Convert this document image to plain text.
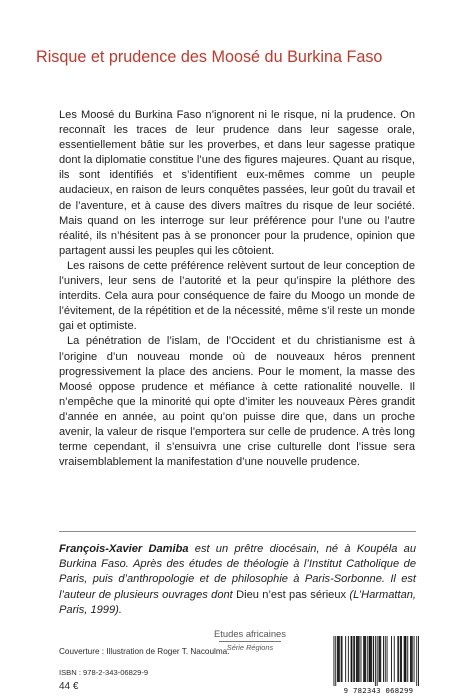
Risque et prudence des Moosé du Burkina Faso

Les Moosé du Burkina Faso n’ignorent ni le risque, ni la prudence. On reconnaît les traces de leur prudence dans leur sagesse orale, essentiellement bâtie sur les proverbes, et dans leur sagesse pratique dont la diplomatie constitue l’une des figures majeures. Quant au risque, ils sont identifiés et s’identifient eux-mêmes comme un peuple audacieux, en raison de leurs conquêtes passées, leur goût du travail et de l’aventure, et à cause des divers maîtres du risque de leur société. Mais quand on les interroge sur leur préférence pour l’une ou l’autre réalité, ils n’hésitent pas à se prononcer pour la prudence, opinion que partagent aussi les peuples qui les côtoient.

Les raisons de cette préférence relèvent surtout de leur conception de l’univers, leur sens de l’autorité et la peur qu’inspire la pléthore des interdits. Cela aura pour conséquence de faire du Moogo un monde de l’évitement, de la répétition et de la nécessité, même s’il reste un monde gai et optimiste.

La pénétration de l’islam, de l’Occident et du christianisme est à l’origine d’un nouveau monde où de nouveaux héros prennent progressivement la place des anciens. Pour le moment, la masse des Moosé oppose prudence et méfiance à cette rationalité nouvelle. Il n’empêche que la minorité qui opte d’imiter les nouveaux Pères grandit d’année en année, au point qu’on puisse dire que, dans un proche avenir, la valeur de risque l’emportera sur celle de prudence. A très long terme cependant, il s’ensuivra une crise culturelle dont l’issue sera vraisemblablement la manifestation d’une nouvelle prudence.

François-Xavier Damiba est un prêtre diocésain, né à Koupéla au Burkina Faso. Après des études de théologie à l’Institut Catholique de Paris, puis d’anthropologie et de philosophie à Paris-Sorbonne. Il est l’auteur de plusieurs ouvrages dont Dieu n’est pas sérieux (L’Harmattan, Paris, 1999).
Etudes africaines
Série Régions
Couverture : Illustration de Roger T. Nacoulma.
ISBN : 978-2-343-06829-9
44 €	9 782343 068299
